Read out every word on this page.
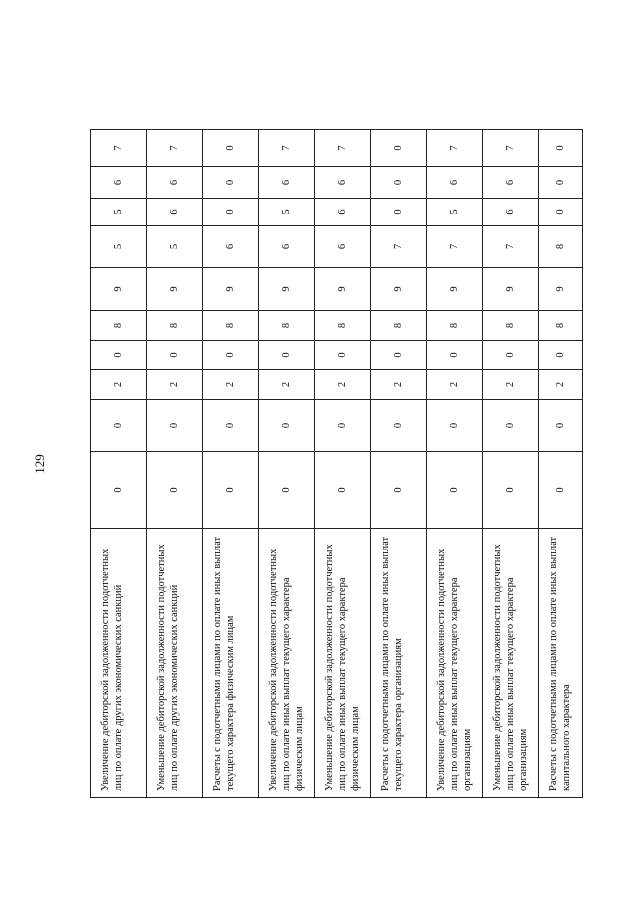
129
Увеличение дебиторской задолженности подотчетных лиц по оплате других экономических санкций	0	0	2	0	8	9	5	5	6	7
Уменьшение дебиторской задолженности подотчетных лиц по оплате других экономических санкций	0	0	2	0	8	9	5	6	6	7
Расчеты с подотчетными лицами по оплате иных выплат текущего характера физическим лицам	0	0	2	0	8	9	6	0	0	0
Увеличение дебиторской задолженности подотчетных лиц по оплате иных выплат текущего характера физическим лицам	0	0	2	0	8	9	6	5	6	7
Уменьшение дебиторской задолженности подотчетных лиц по оплате иных выплат текущего характера физическим лицам	0	0	2	0	8	9	6	6	6	7
Расчеты с подотчетными лицами по оплате иных выплат текущего характера организациям	0	0	2	0	8	9	7	0	0	0
Увеличение дебиторской задолженности подотчетных лиц по оплате иных выплат текущего характера организациям	0	0	2	0	8	9	7	5	6	7
Уменьшение дебиторской задолженности подотчетных лиц по оплате иных выплат текущего характера организациям	0	0	2	0	8	9	7	6	6	7
Расчеты с подотчетными лицами по оплате иных выплат капитального характера	0	0	2	0	8	9	8	0	0	0
